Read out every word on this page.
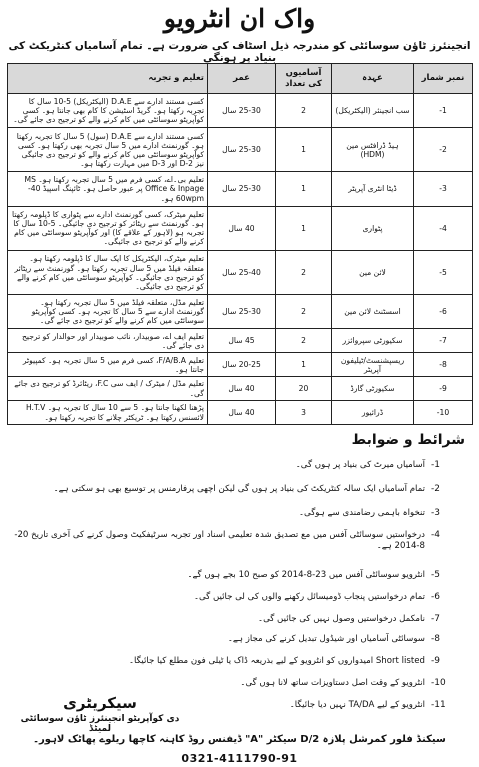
واک ان انٹرویو
انجینئرز ٹاؤن سوسائٹی کو مندرجہ ذیل اسٹاف کی ضرورت ہے۔ تمام آسامیاں کنٹریکٹ کی بنیاد پر ہونگی
نمبر شمار	عہدہ	آسامیوں کی تعداد	عمر	تعلیم و تجربہ
-1	سب انجینئر (الیکٹریکل)	2	25-30 سال	کسی مستند ادارے سے D.A.E (الیکٹریکل) 5-10 سال کا تجربہ رکھتا ہو۔ گریڈ اسٹیشن کا کام بھی جانتا ہو۔ کسی کوآپریٹو سوسائٹی میں کام کرنے والے کو ترجیح دی جائے گی۔
-2	ہیڈ ڈرافٹس مین (HDM)	1	25-30 سال	کسی مستند ادارے سے D.A.E (سول) 5 سال کا تجربہ رکھتا ہو۔ گورنمنٹ ادارے میں 5 سال تجربہ بھی رکھتا ہو۔ کسی کوآپریٹو سوسائٹی میں کام کرنے والے کو ترجیح دی جائیگی نیز D-2 اور D-3 میں مہارت رکھتا ہو۔
-3	ڈیٹا انٹری آپریٹر	1	25-30 سال	تعلیم بی۔اے، کسی فرم میں 5 سال تجربہ رکھتا ہو۔ MS Office & Inpage پر عبور حاصل ہو۔ ٹائپنگ اسپیڈ 40-60wpm ہو۔
-4	پٹواری	1	40 سال	تعلیم میٹرک، کسی گورنمنٹ ادارے سے پٹواری کا ڈپلومہ رکھتا ہو۔ گورنمنٹ سے ریٹائر کو ترجیح دی جائیگی۔ 5-10 سال کا تجربہ ہو (لاہور کے علاقے کا) اور کوآپریٹو سوسائٹی میں کام کرنے والے کو ترجیح دی جائیگی۔
-5	لائن مین	2	25-40 سال	تعلیم میٹرک، الیکٹریکل کا ایک سال کا ڈپلومہ رکھتا ہو۔ متعلقہ فیلڈ میں 5 سال تجربہ رکھتا ہو۔ گورنمنٹ سے ریٹائر کو ترجیح دی جائیگی۔ کوآپریٹو سوسائٹی میں کام کرنے والے کو ترجیح دی جائیگی۔
-6	اسسٹنٹ لائن مین	2	25-30 سال	تعلیم مڈل، متعلقہ فیلڈ میں 5 سال تجربہ رکھتا ہو۔ گورنمنٹ ادارے سے 5 سال کا تجربہ ہو۔ کسی کوآپریٹو سوسائٹی میں کام کرنے والے کو ترجیح دی جائے گی۔
-7	سکیورٹی سپروائزر	2	45 سال	تعلیم ایف اے، صوبیدار، نائب صوبیدار اور حوالدار کو ترجیح دی جائے گی۔
-8	ریسپشنسٹ/ٹیلیفون آپریٹر	1	20-25 سال	تعلیم F/A/B.A، کسی فرم میں 5 سال تجربہ ہو۔ کمپیوٹر جانتا ہو۔
-9	سکیورٹی گارڈ	20	40 سال	تعلیم مڈل / میٹرک / ایف سی F.C، ریٹائرڈ کو ترجیح دی جائے گی۔
-10	ڈرائیور	3	40 سال	پڑھنا لکھنا جانتا ہو۔ 5 سے 10 سال کا تجربہ ہو۔ H.T.V لائسنس رکھتا ہو۔ ٹریکٹر چلانے کا تجربہ رکھتا ہو۔
شرائط و ضوابط
-1
آسامیاں میرٹ کی بنیاد پر ہوں گی۔
-2
تمام آسامیاں ایک سالہ کنٹریکٹ کی بنیاد پر ہوں گی لیکن اچھی پرفارمنس پر توسیع بھی ہو سکتی ہے۔
-3
تنخواہ باہمی رضامندی سے ہوگی۔
-4
درخواستیں سوسائٹی آفس میں مع تصدیق شدہ تعلیمی اسناد اور تجربہ سرٹیفکیٹ وصول کرنے کی آخری تاریخ 20-8-2014 ہے۔
-5
انٹرویو سوسائٹی آفس میں 23-8-2014 کو صبح 10 بجے ہوں گے۔
-6
تمام درخواستیں پنجاب ڈومیسائل رکھنے والوں کی لی جائیں گی۔
-7
نامکمل درخواستیں وصول نہیں کی جائیں گی۔
-8
سوسائٹی آسامیاں اور شیڈول تبدیل کرنے کی مجاز ہے۔
-9
Short listed امیدواروں کو انٹرویو کے لیے بذریعہ ڈاک یا ٹیلی فون مطلع کیا جائیگا۔
-10
انٹرویو کے وقت اصل دستاویزات ساتھ لانا ہوں گی۔
-11
انٹرویو کے لیے TA/DA نہیں دیا جائیگا۔
سیکریٹری
دی کوآپریٹو انجینئرز ٹاؤن سوسائٹی لمیٹڈ
سیکنڈ فلور کمرشل پلازہ 2/D سیکٹر "A" ڈیفنس روڈ کاہنہ کاچھا ریلوے پھاٹک لاہور۔
0321-4111790-91
